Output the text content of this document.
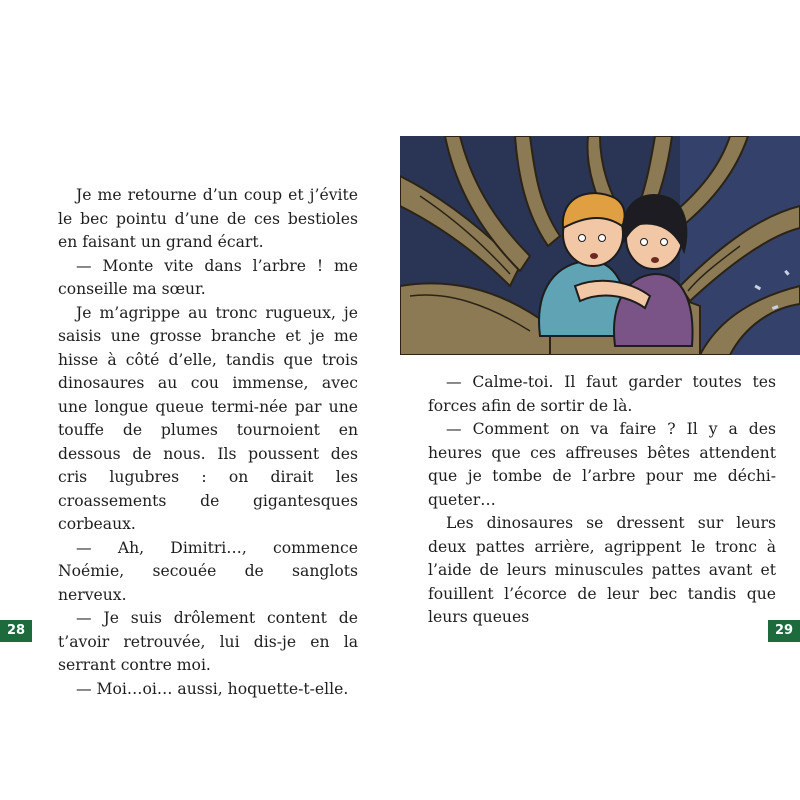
Je me retourne d’un coup et j’évite le bec pointu d’une de ces bestioles en faisant un grand écart.

— Monte vite dans l’arbre ! me conseille ma sœur.

Je m’agrippe au tronc rugueux, je saisis une grosse branche et je me hisse à côté d’elle, tandis que trois dinosaures au cou immense, avec une longue queue termi-née par une touffe de plumes tournoient en dessous de nous. Ils poussent des cris lugubres : on dirait les croassements de gigantesques corbeaux.

— Ah, Dimitri…, commence Noémie, secouée de sanglots nerveux.

— Je suis drôlement content de t’avoir retrouvée, lui dis-je en la serrant contre moi.

— Moi…oi… aussi, hoquette-t-elle.

28

— Calme-toi. Il faut garder toutes tes forces afin de sortir de là.

— Comment on va faire ? Il y a des heures que ces affreuses bêtes attendent que je tombe de l’arbre pour me déchi-queter…

Les dinosaures se dressent sur leurs deux pattes arrière, agrippent le tronc à l’aide de leurs minuscules pattes avant et fouillent l’écorce de leur bec tandis que leurs queues

29
